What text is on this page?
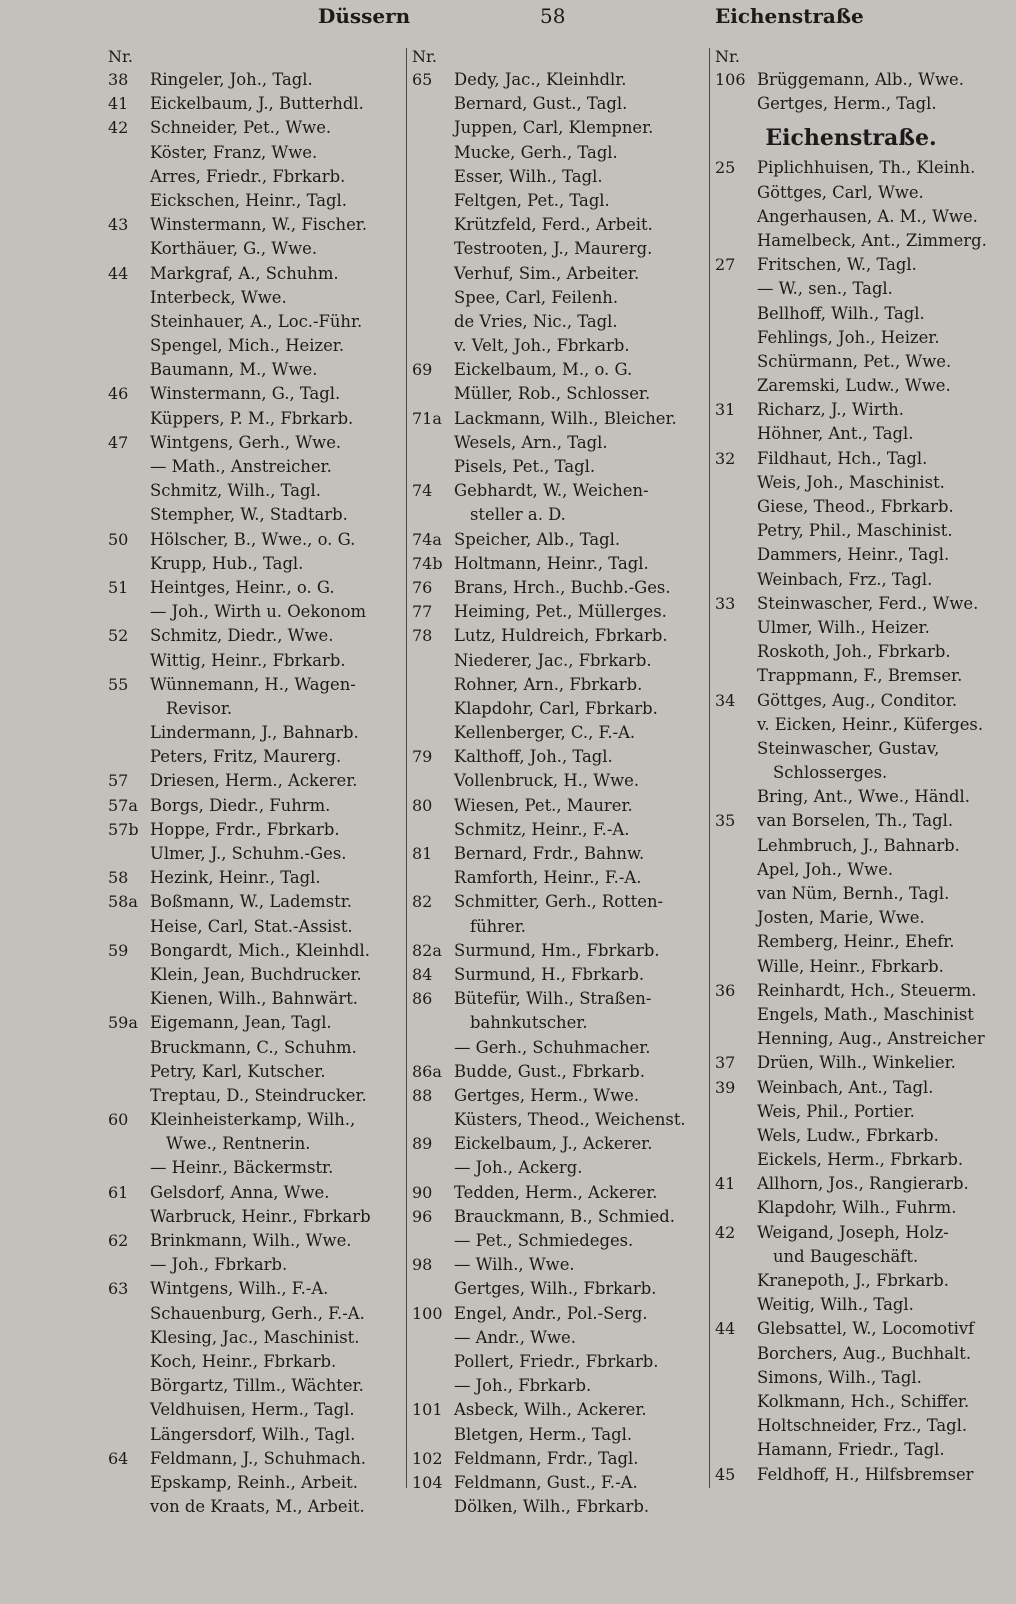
Düssern	58	Eichenstraße
Nr.
38	Ringeler, Joh., Tagl.
41	Eickelbaum, J., Butterhdl.
42	Schneider, Pet., Wwe.
Köster, Franz, Wwe.
Arres, Friedr., Fbrkarb.
Eickschen, Heinr., Tagl.
43	Winstermann, W., Fischer.
Korthäuer, G., Wwe.
44	Markgraf, A., Schuhm.
Interbeck, Wwe.
Steinhauer, A., Loc.-Führ.
Spengel, Mich., Heizer.
Baumann, M., Wwe.
46	Winstermann, G., Tagl.
Küppers, P. M., Fbrkarb.
47	Wintgens, Gerh., Wwe.
— Math., Anstreicher.
Schmitz, Wilh., Tagl.
Stempher, W., Stadtarb.
50	Hölscher, B., Wwe., o. G.
Krupp, Hub., Tagl.
51	Heintges, Heinr., o. G.
— Joh., Wirth u. Oekonom
52	Schmitz, Diedr., Wwe.
Wittig, Heinr., Fbrkarb.
55	Wünnemann, H., Wagen-
Revisor.
Lindermann, J., Bahnarb.
Peters, Fritz, Maurerg.
57	Driesen, Herm., Ackerer.
57a Borgs, Diedr., Fuhrm.
57b Hoppe, Frdr., Fbrkarb.
Ulmer, J., Schuhm.-Ges.
58	Hezink, Heinr., Tagl.
58a Boßmann, W., Lademstr.
Heise, Carl, Stat.-Assist.
59	Bongardt, Mich., Kleinhdl.
Klein, Jean, Buchdrucker.
Kienen, Wilh., Bahnwärt.
59a Eigemann, Jean, Tagl.
Bruckmann, C., Schuhm.
Petry, Karl, Kutscher.
Treptau, D., Steindrucker.
60	Kleinheisterkamp, Wilh.,
Wwe., Rentnerin.
— Heinr., Bäckermstr.
61	Gelsdorf, Anna, Wwe.
Warbruck, Heinr., Fbrkarb
62	Brinkmann, Wilh., Wwe.
— Joh., Fbrkarb.
63	Wintgens, Wilh., F.-A.
Schauenburg, Gerh., F.-A.
Klesing, Jac., Maschinist.
Koch, Heinr., Fbrkarb.
Börgartz, Tillm., Wächter.
Veldhuisen, Herm., Tagl.
Längersdorf, Wilh., Tagl.
64	Feldmann, J., Schuhmach.
Epskamp, Reinh., Arbeit.
von de Kraats, M., Arbeit.
Nr.
65	Dedy, Jac., Kleinhdlr.
Bernard, Gust., Tagl.
Juppen, Carl, Klempner.
Mucke, Gerh., Tagl.
Esser, Wilh., Tagl.
Feltgen, Pet., Tagl.
Krützfeld, Ferd., Arbeit.
Testrooten, J., Maurerg.
Verhuf, Sim., Arbeiter.
Spee, Carl, Feilenh.
de Vries, Nic., Tagl.
v. Velt, Joh., Fbrkarb.
69	Eickelbaum, M., o. G.
Müller, Rob., Schlosser.
71a Lackmann, Wilh., Bleicher.
Wesels, Arn., Tagl.
Pisels, Pet., Tagl.
74	Gebhardt, W., Weichen-
steller a. D.
74a Speicher, Alb., Tagl.
74b Holtmann, Heinr., Tagl.
76	Brans, Hrch., Buchb.-Ges.
77	Heiming, Pet., Müllerges.
78	Lutz, Huldreich, Fbrkarb.
Niederer, Jac., Fbrkarb.
Rohner, Arn., Fbrkarb.
Klapdohr, Carl, Fbrkarb.
Kellenberger, C., F.-A.
79	Kalthoff, Joh., Tagl.
Vollenbruck, H., Wwe.
80	Wiesen, Pet., Maurer.
Schmitz, Heinr., F.-A.
81	Bernard, Frdr., Bahnw.
Ramforth, Heinr., F.-A.
82	Schmitter, Gerh., Rotten-
führer.
82a Surmund, Hm., Fbrkarb.
84	Surmund, H., Fbrkarb.
86	Bütefür, Wilh., Straßen-
bahnkutscher.
— Gerh., Schuhmacher.
86a Budde, Gust., Fbrkarb.
88	Gertges, Herm., Wwe.
Küsters, Theod., Weichenst.
89	Eickelbaum, J., Ackerer.
— Joh., Ackerg.
90	Tedden, Herm., Ackerer.
96	Brauckmann, B., Schmied.
— Pet., Schmiedeges.
98	— Wilh., Wwe.
Gertges, Wilh., Fbrkarb.
100 Engel, Andr., Pol.-Serg.
— Andr., Wwe.
Pollert, Friedr., Fbrkarb.
— Joh., Fbrkarb.
101 Asbeck, Wilh., Ackerer.
Bletgen, Herm., Tagl.
102 Feldmann, Frdr., Tagl.
104 Feldmann, Gust., F.-A.
Dölken, Wilh., Fbrkarb.
Nr.
106 Brüggemann, Alb., Wwe.
Gertges, Herm., Tagl.
Eichenstraße.
25	Piplichhuisen, Th., Kleinh.
Göttges, Carl, Wwe.
Angerhausen, A. M., Wwe.
Hamelbeck, Ant., Zimmerg.
27	Fritschen, W., Tagl.
— W., sen., Tagl.
Bellhoff, Wilh., Tagl.
Fehlings, Joh., Heizer.
Schürmann, Pet., Wwe.
Zaremski, Ludw., Wwe.
31	Richarz, J., Wirth.
Höhner, Ant., Tagl.
32	Fildhaut, Hch., Tagl.
Weis, Joh., Maschinist.
Giese, Theod., Fbrkarb.
Petry, Phil., Maschinist.
Dammers, Heinr., Tagl.
Weinbach, Frz., Tagl.
33	Steinwascher, Ferd., Wwe.
Ulmer, Wilh., Heizer.
Roskoth, Joh., Fbrkarb.
Trappmann, F., Bremser.
34	Göttges, Aug., Conditor.
v. Eicken, Heinr., Küferges.
Steinwascher, Gustav,
Schlosserges.
Bring, Ant., Wwe., Händl.
35	van Borselen, Th., Tagl.
Lehmbruch, J., Bahnarb.
Apel, Joh., Wwe.
van Nüm, Bernh., Tagl.
Josten, Marie, Wwe.
Remberg, Heinr., Ehefr.
Wille, Heinr., Fbrkarb.
36	Reinhardt, Hch., Steuerm.
Engels, Math., Maschinist
Henning, Aug., Anstreicher
37	Drüen, Wilh., Winkelier.
39	Weinbach, Ant., Tagl.
Weis, Phil., Portier.
Wels, Ludw., Fbrkarb.
Eickels, Herm., Fbrkarb.
41	Allhorn, Jos., Rangierarb.
Klapdohr, Wilh., Fuhrm.
42	Weigand, Joseph, Holz-
und Baugeschäft.
Kranepoth, J., Fbrkarb.
Weitig, Wilh., Tagl.
44	Glebsattel, W., Locomotivf
Borchers, Aug., Buchhalt.
Simons, Wilh., Tagl.
Kolkmann, Hch., Schiffer.
Holtschneider, Frz., Tagl.
Hamann, Friedr., Tagl.
45	Feldhoff, H., Hilfsbremser
